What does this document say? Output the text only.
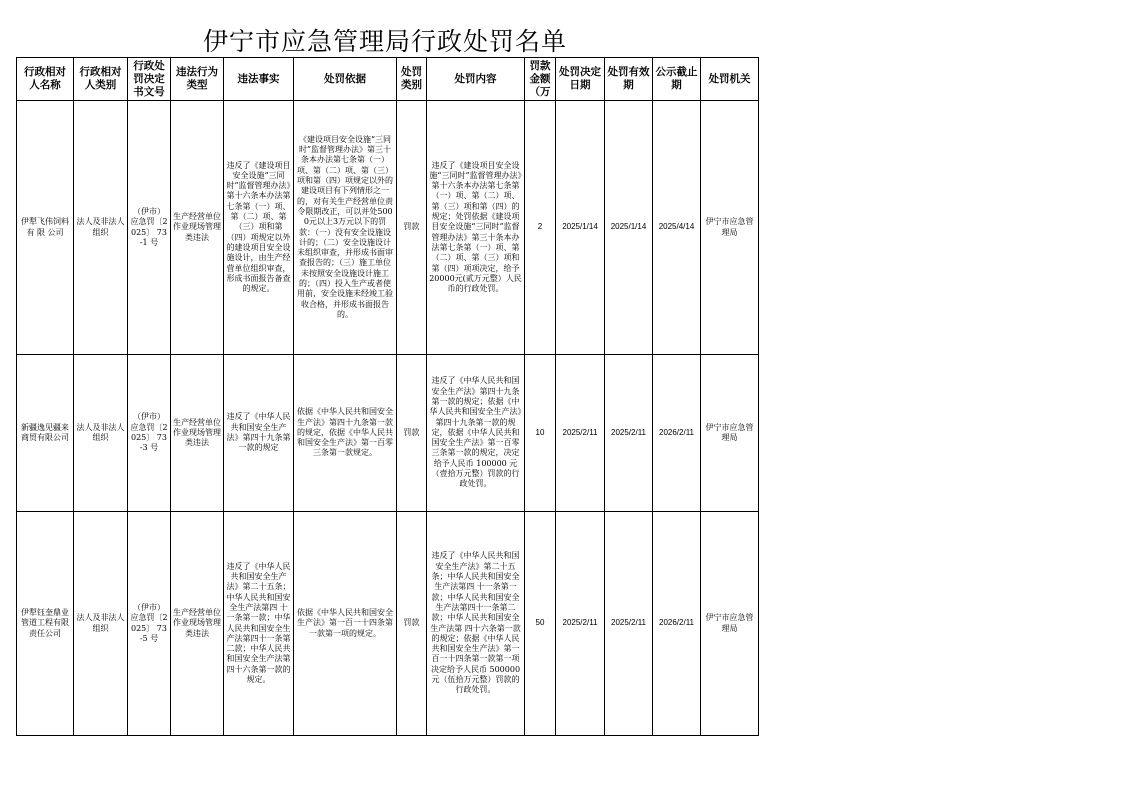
伊宁市应急管理局行政处罚名单
行政相对人名称	行政相对人类别	行政处罚决定书文号	违法行为类型	违法事实	处罚依据	处罚类别	处罚内容	罚款金额（万	处罚决定日期	处罚有效期	公示截止期	处罚机关
伊犁飞伟饲料有 限 公司	法人及非法人组织	（伊市）应急罚〔2025〕 73-1 号	生产经营单位作业现场管理类违法	违反了《建设项目安全设施“三同时”监督管理办法》第十六条本办法第七条第（一）项、第（二）项、第（三）项和第（四）项规定以外的建设项目安全设施设计，由生产经营单位组织审查，形成书面报告备查的规定。	《建设项目安全设施“三同时”监督管理办法》第三十条本办法第七条第（一）项、第（二）项、第（三）项和第（四）项规定以外的建设项目有下列情形之一的，对有关生产经营单位责令限期改正，可以并处5000元以上3万元以下的罚款：（一）没有安全设施设计的；（二）安全设施设计未组织审查，并形成书面审查报告的；（三）施工单位未按照安全设施设计施工的；（四）投入生产或者使用前，安全设施未经竣工验收合格，并形成书面报告的。	罚款	违反了《建设项目安全设施“三同时”监督管理办法》第十六条本办法第七条第（一）项、第（二）项、第（三）项和第（四）的规定；处罚依据《建设项目安全设施“三同时”监督管理办法》第三十条本办法第七条第（一）项、第（二）项、第（三）项和第（四）项项决定，给予20000元(贰万元整）人民币的行政处罚。	2	2025/1/14	2025/1/14	2025/4/14	伊宁市应急管理局
新疆逸见疆来商贸有限公司	法人及非法人组织	（伊市）应急罚〔2025〕 73-3 号	生产经营单位作业现场管理类违法	违反了《中华人民共和国安全生产法》第四十九条第一款的规定	依据《中华人民共和国安全生产法》第四十九条第一款的规定，依据《中华人民共和国安全生产法》第一百零三条第一款规定。	罚款	违反了《中华人民共和国安全生产法》第四十九条第一款的规定；依据《中华人民共和国安全生产法》第四十九条第一款的规定，依据《中华人民共和国安全生产法》第一百零三条第一款的规定，决定给予人民币 100000 元（壹拾万元整）罚款的行政处罚。	10	2025/2/11	2025/2/11	2026/2/11	伊宁市应急管理局
伊犁钰奎鼎业管道工程有限责任公司	法人及非法人组织	（伊市）应急罚〔2025〕 73-5 号	生产经营单位作业现场管理类违法	违反了《中华人民共和国安全生产法》第二十五条；中华人民共和国安全生产法第四 十一条第一款；中华人民共和国安全生产法第四十一条第二款；中华人民共和国安全生产法第 四十六条第一款的规定。	依据《中华人民共和国安全生产法》第一百一十四条第一款第一项的规定。	罚款	违反了《中华人民共和国安全生产法》第二十五条；中华人民共和国安全生产法第四 十一条第一款；中华人民共和国安全生产法第四十一条第二款；中华人民共和国安全生产法第 四十六条第一款的规定；依据《中华人民共和国安全生产法》第一百一十四条第一款第一项决定给予人民币 500000 元（伍拾万元整）罚款的行政处罚。	50	2025/2/11	2025/2/11	2026/2/11	伊宁市应急管理局
